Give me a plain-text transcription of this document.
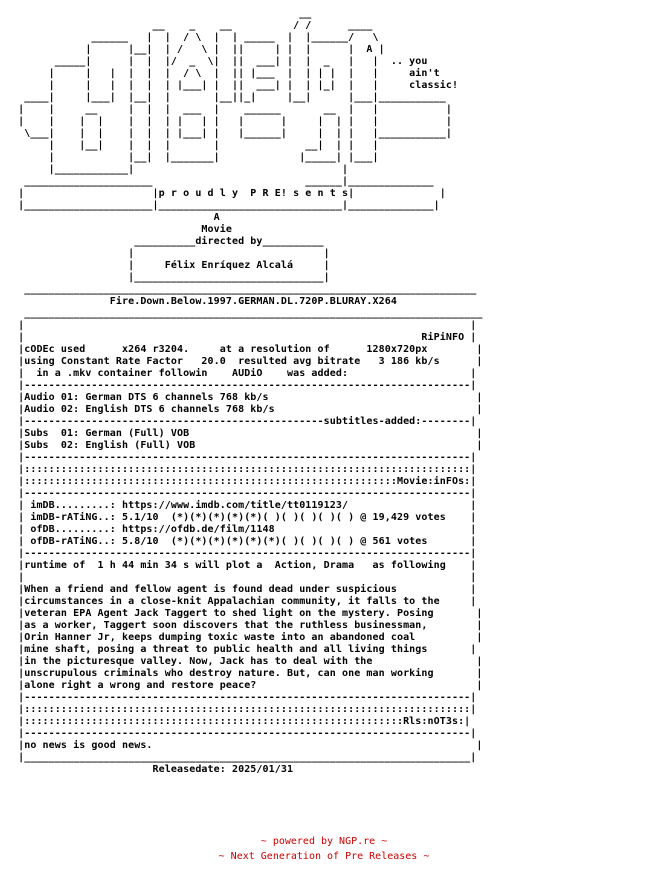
__
__    _    __          / /      ____
______   |  |  / \  |  | _____  |  |______/   \
|      |__|  | /   \ |  ||     | |  |      |  A |
_____|      |  |  |/  _  \|  ||  ___| |  |  _   |   |  .. you
|     |   |  |  |  |  / \  |  || |___  |  | | |  |   |     ain't
|     |   |  |  |  | |___| |  ||  ___| |  | |_|  |   |     classic!
____|     |___|  |__|  |       |__||_|     |__|      |___|___________
|    |     __     |  |  |  ___  |    ______       __  |   |           |
|    |    |  |    |  |  | |   | |   |      |     |  | |   |           |
\___|    |  |    |  |  | |___| |   |______|     |  | |   |___________|
|    |__|    |  |  |       |              __|  | |   |
|            |__|  |_______|             |_____| |___|
|____________|                                  |
_____________________                         ______|______________
|                     |p r o u d l y  P R E! s e n t s|              |
|_____________________|______________________________|______________|
A
Movie
__________directed by__________
|                               |
|     Félix Enríquez Alcalá     |
|_______________________________|
__________________________________________________________________________
Fire.Down.Below.1997.GERMAN.DL.720P.BLURAY.X264
___________________________________________________________________________
|                                                                         |
|                                                                 RiPiNFO |
|cODEc used      x264 r3204.     at a resolution of      1280x720px        |
|using Constant Rate Factor   20.0  resulted avg bitrate   3 186 kb/s      |
|  in a .mkv container followin    AUDiO    was added:                    |
|-------------------------------------------------------------------------|
|Audio 01: German DTS 6 channels 768 kb/s                                  |
|Audio 02: English DTS 6 channels 768 kb/s                                 |
|-------------------------------------------------subtitles-added:--------|
|Subs  01: German (Full) VOB                                               |
|Subs  02: English (Full) VOB                                              |
|-------------------------------------------------------------------------|
|:::::::::::::::::::::::::::::::::::::::::::::::::::::::::::::::::::::::::|
|:::::::::::::::::::::::::::::::::::::::::::::::::::::::::::::Movie:inFOs:|
|-------------------------------------------------------------------------|
| imDB.........: https://www.imdb.com/title/tt0119123/                    |
| imDB-rATiNG..: 5.1/10  (*)(*)(*)(*)(*)( )( )( )( )( ) @ 19,429 votes    |
| ofDB.........: https://ofdb.de/film/1148                                |
| ofDB-rATiNG..: 5.8/10  (*)(*)(*)(*)(*)(*)( )( )( )( ) @ 561 votes       |
|-------------------------------------------------------------------------|
|runtime of  1 h 44 min 34 s will plot a  Action, Drama   as following    |
|                                                                         |
|When a friend and fellow agent is found dead under suspicious            |
|circumstances in a close-knit Appalachian community, it falls to the     |
|veteran EPA Agent Jack Taggert to shed light on the mystery. Posing       |
|as a worker, Taggert soon discovers that the ruthless businessman,        |
|Orin Hanner Jr, keeps dumping toxic waste into an abandoned coal          |
|mine shaft, posing a threat to public health and all living things       |
|in the picturesque valley. Now, Jack has to deal with the                 |
|unscrupulous criminals who destroy nature. But, can one man working       |
|alone right a wrong and restore peace?                                    |
|-------------------------------------------------------------------------|
|:::::::::::::::::::::::::::::::::::::::::::::::::::::::::::::::::::::::::|
|::::::::::::::::::::::::::::::::::::::::::::::::::::::::::::::Rls:nOT3s:|
|-------------------------------------------------------------------------|
|no news is good news.                                                     |
|_________________________________________________________________________|
Releasedate: 2025/01/31
~ powered by NGP.re ~
~ Next Generation of Pre Releases ~
